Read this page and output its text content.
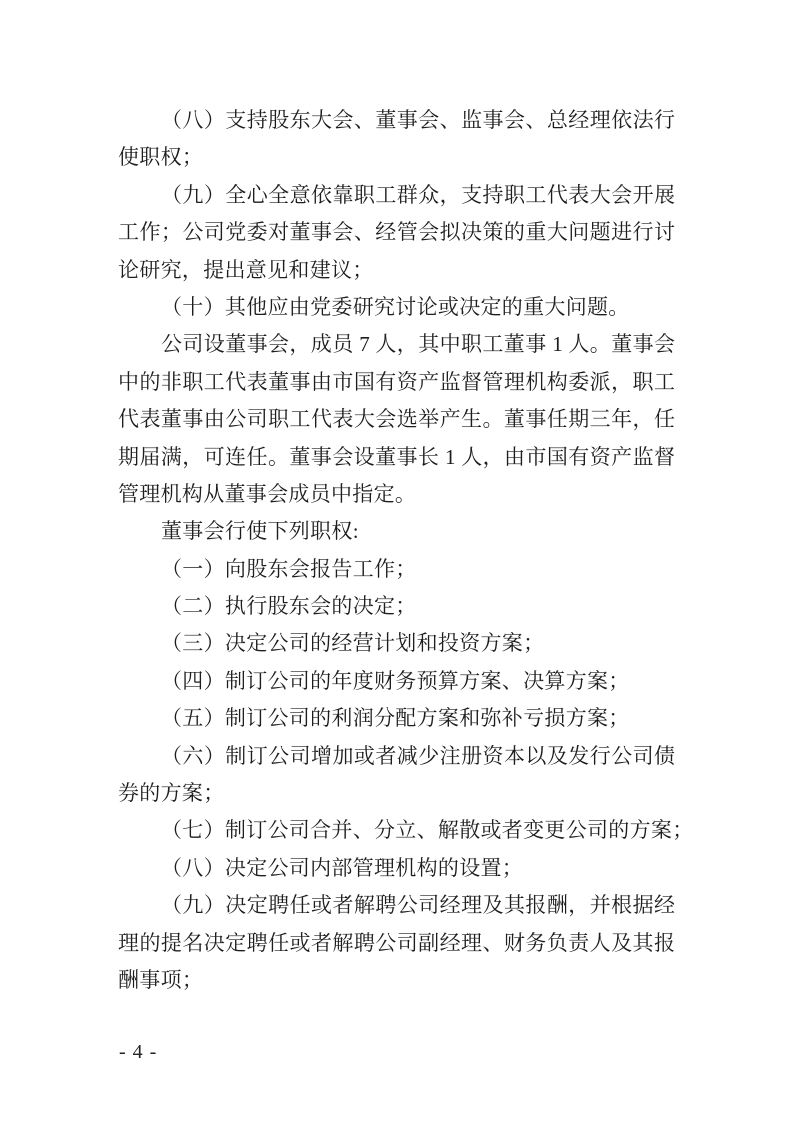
（八）支持股东大会、董事会、监事会、总经理依法行
使职权；
（九）全心全意依靠职工群众，支持职工代表大会开展
工作；公司党委对董事会、经管会拟决策的重大问题进行讨
论研究，提出意见和建议；
（十）其他应由党委研究讨论或决定的重大问题。
公司设董事会，成员 7 人，其中职工董事 1 人。董事会
中的非职工代表董事由市国有资产监督管理机构委派，职工
代表董事由公司职工代表大会选举产生。董事任期三年，任
期届满，可连任。董事会设董事长 1 人，由市国有资产监督
管理机构从董事会成员中指定。
董事会行使下列职权:
（一）向股东会报告工作；
（二）执行股东会的决定；
（三）决定公司的经营计划和投资方案；
（四）制订公司的年度财务预算方案、决算方案；
（五）制订公司的利润分配方案和弥补亏损方案；
（六）制订公司增加或者减少注册资本以及发行公司债
券的方案；
（七）制订公司合并、分立、解散或者变更公司的方案；
（八）决定公司内部管理机构的设置；
（九）决定聘任或者解聘公司经理及其报酬，并根据经
理的提名决定聘任或者解聘公司副经理、财务负责人及其报
酬事项；
- 4 -
